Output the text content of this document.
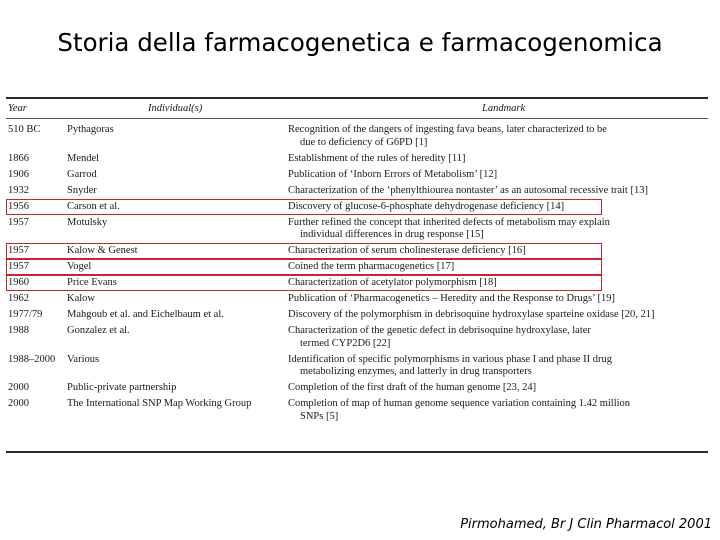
Storia della farmacogenetica e farmacogenomica
Year	Individual(s)	Landmark
510 BC	Pythagoras	Recognition of the dangers of ingesting fava beans, later characterized to be
due to deficiency of G6PD [1]
1866	Mendel	Establishment of the rules of heredity [11]
1906	Garrod	Publication of ‘Inborn Errors of Metabolism’ [12]
1932	Snyder	Characterization of the ‘phenylthiourea nontaster’ as an autosomal recessive trait [13]
1956	Carson et al.	Discovery of glucose-6-phosphate dehydrogenase deficiency [14]
1957	Motulsky	Further refined the concept that inherited defects of metabolism may explain
individual differences in drug response [15]
1957	Kalow & Genest	Characterization of serum cholinesterase deficiency [16]
1957	Vogel	Coined the term pharmacogenetics [17]
1960	Price Evans	Characterization of acetylator polymorphism [18]
1962	Kalow	Publication of ‘Pharmacogenetics – Heredity and the Response to Drugs’ [19]
1977/79 Mahgoub et al. and Eichelbaum et al.	Discovery of the polymorphism in debrisoquine hydroxylase sparteine oxidase [20, 21]
1988	Gonzalez et al.	Characterization of the genetic defect in debrisoquine hydroxylase, later
termed CYP2D6 [22]
1988–2000 Various	Identification of specific polymorphisms in various phase I and phase II drug
metabolizing enzymes, and latterly in drug transporters
2000	Public-private partnership	Completion of the first draft of the human genome [23, 24]
2000	The International SNP Map Working Group	Completion of map of human genome sequence variation containing 1.42 million
SNPs [5]
Pirmohamed, Br J Clin Pharmacol 2001
